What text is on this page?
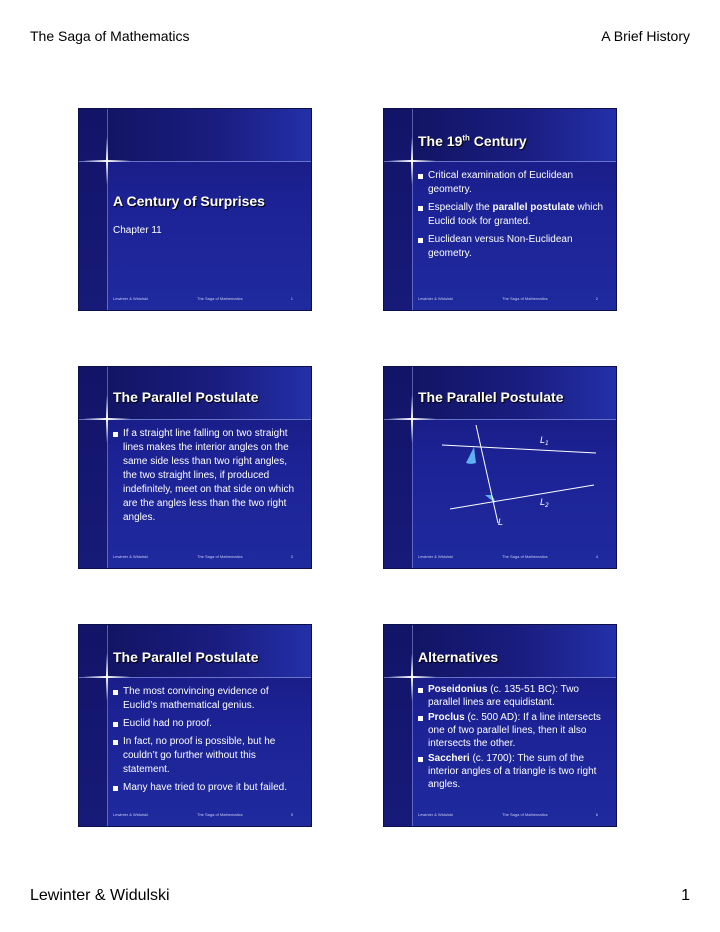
The Saga of Mathematics	A Brief History
A Century of Surprises
Chapter 11
Lewinter & Widulski	The Saga of Mathematics	1
The 19th Century
Critical examination of Euclidean geometry.
Especially the parallel postulate which Euclid took for granted.
Euclidean versus Non-Euclidean geometry.
Lewinter & Widulski	The Saga of Mathematics	2
The Parallel Postulate
If a straight line falling on two straight lines makes the interior angles on the same side less than two right angles, the two straight lines, if produced indefinitely, meet on that side on which are the angles less than the two right angles.
Lewinter & Widulski	The Saga of Mathematics	3
The Parallel Postulate
$L_1$
$L_2$
L
Lewinter & Widulski	The Saga of Mathematics	4
The Parallel Postulate
The most convincing evidence of Euclid’s mathematical genius.
Euclid had no proof.
In fact, no proof is possible, but he couldn’t go further without this statement.
Many have tried to prove it but failed.
Lewinter & Widulski	The Saga of Mathematics	5
Alternatives
Poseidonius (c. 135-51 BC): Two parallel lines are equidistant.
Proclus (c. 500 AD): If a line intersects one of two parallel lines, then it also intersects the other.
Saccheri (c. 1700): The sum of the interior angles of a triangle is two right angles.
Lewinter & Widulski	The Saga of Mathematics	6
Lewinter & Widulski	1
